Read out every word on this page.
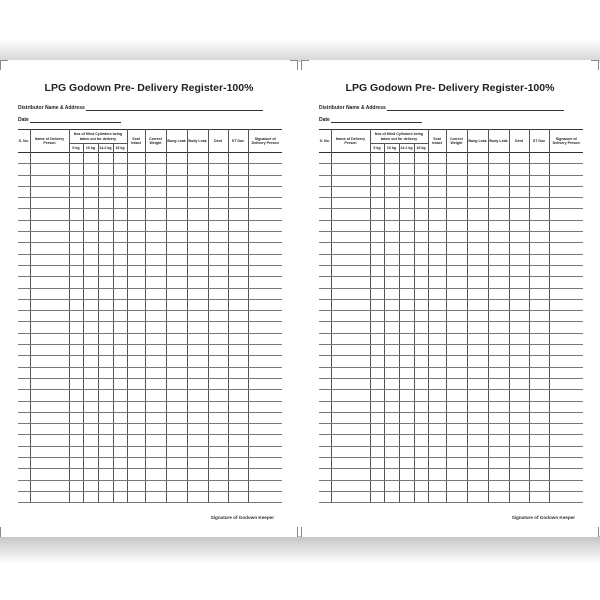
LPG Godown Pre- Delivery Register-100%
Distributor Name & Address
Date
S. No.	Name of Delivery Person	Nos of filled Cylinders being taken out for delivery				Seal Intact	Correct Weight	Bung Leak	Body Leak	Dent	ST Due	Signature of Delivery Person
		5 kg	10 kg	14.2 kg	19 kg							

Signature of Godown Keeper
LPG Godown Pre- Delivery Register-100%
Distributor Name & Address
Date
S. No.	Name of Delivery Person	Nos of filled Cylinders being taken out for delivery				Seal Intact	Correct Weight	Bung Leak	Body Leak	Dent	ST Due	Signature of Delivery Person
		5 kg	10 kg	14.2 kg	19 kg							

Signature of Godown Keeper
